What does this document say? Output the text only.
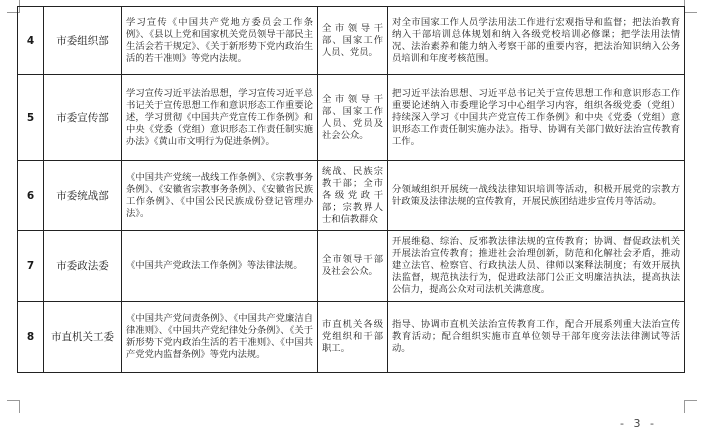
4	市委组织部	学习宣传《中国共产党地方委员会工作条例》、《县以上党和国家机关党员领导干部民主生活会若干规定》、《关于新形势下党内政治生活的若干准则》等党内法规。	全市领导干部、国家工作人员、党员。	对全市国家工作人员学法用法工作进行宏观指导和监督；把法治教育纳入干部培训总体规划和纳入各级党校培训必修课；把学法用法情况、法治素养和能力纳入考察干部的重要内容，把法治知识纳入公务员培训和年度考核范围。
5	市委宣传部	学习宣传习近平法治思想，学习宣传习近平总书记关于宣传思想工作和意识形态工作重要论述，学习贯彻《中国共产党宣传工作条例》和中央《党委（党组）意识形态工作责任制实施办法》《黄山市文明行为促进条例》。	全市领导干部、国家工作人员、党员及社会公众。	把习近平法治思想、习近平总书记关于宣传思想工作和意识形态工作重要论述纳入市委理论学习中心组学习内容，组织各级党委（党组）持续深入学习《中国共产党宣传工作条例》和中央《党委（党组）意识形态工作责任制实施办法》。指导、协调有关部门做好法治宣传教育工作。
6	市委统战部	《中国共产党统一战线工作条例》、《宗教事务条例》、《安徽省宗教事务条例》、《安徽省民族工作条例》、《中国公民民族成份登记管理办法》。	统战、民族宗教干部；全市各级党政干部；宗教界人士和信教群众	分领域组织开展统一战线法律知识培训等活动，积极开展党的宗教方针政策及法律法规的宣传教育，开展民族团结进步宣传月等活动。
7	市委政法委	《中国共产党政法工作条例》等法律法规。	全市领导干部及社会公众。	开展维稳、综治、反邪教法律法规的宣传教育；协调、督促政法机关开展法治宣传教育；推进社会治理创新，防范和化解社会矛盾，推动建立法官、检察官、行政执法人员、律师以案释法制度；有效开展执法监督，规范执法行为，促进政法部门公正文明廉洁执法，提高执法公信力，提高公众对司法机关满意度。
8	市直机关工委	《中国共产党问责条例》、《中国共产党廉洁自律准则》、《中国共产党纪律处分条例》、《关于新形势下党内政治生活的若干准则》、《中国共产党党内监督条例》等党内法规。	市直机关各级党组织和干部职工。	指导、协调市直机关法治宣传教育工作，配合开展系列重大法治宣传教育活动；配合组织实施市直单位领导干部年度旁法法律测试等活动。
- 3 -
